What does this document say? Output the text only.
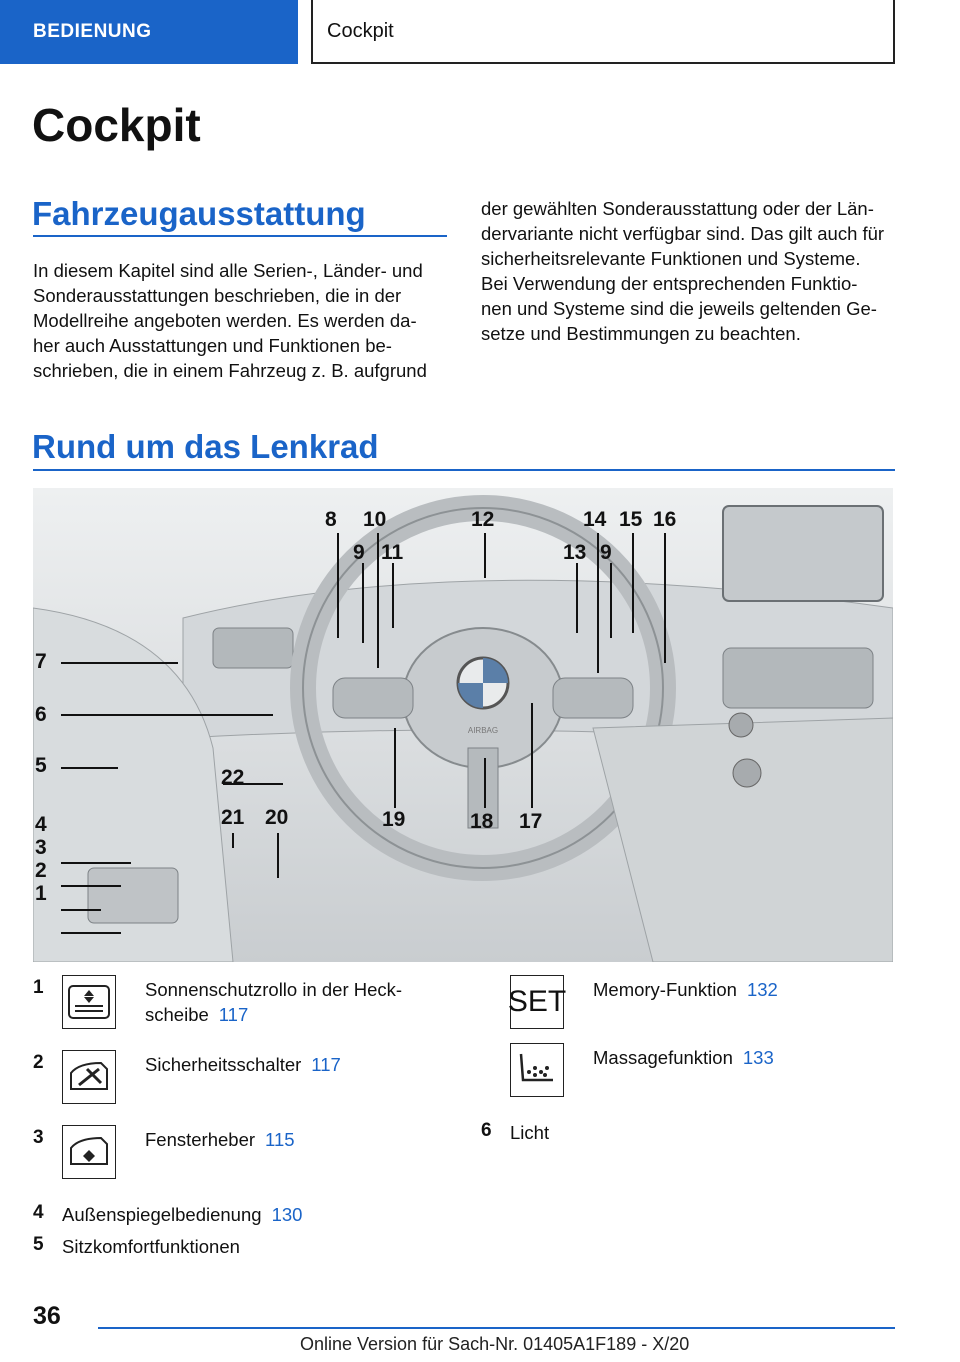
BEDIENUNG	Cockpit
Cockpit
Fahrzeugausstattung

In diesem Kapitel sind alle Serien-, Länder- und

Sonderausstattungen beschrieben, die in der

Modellreihe angeboten werden. Es werden da-

her auch Ausstattungen und Funktionen be-

schrieben, die in einem Fahrzeug z. B. aufgrund

der gewählten Sonderausstattung oder der Län-

dervariante nicht verfügbar sind. Das gilt auch für

sicherheitsrelevante Funktionen und Systeme.

Bei Verwendung der entsprechenden Funktio-

nen und Systeme sind die jeweils geltenden Ge-

setze und Bestimmungen zu beachten.

Rund um das Lenkrad
AIRBAG
1
2
3
4
5
6
7
8
9
10
11
12
13
14 15
9
16
17
18
19
20
21
22
1	Sonnenschutzrollo in der Heck-
scheibe 117
2	Sicherheitsschalter 117
3	Fensterheber 115
4 Außenspiegelbedienung 130
5 Sitzkomfortfunktionen
SET Memory-Funktion 132
Massagefunktion 133
6 Licht
36
Online Version für Sach-Nr. 01405A1F189 - X/20
